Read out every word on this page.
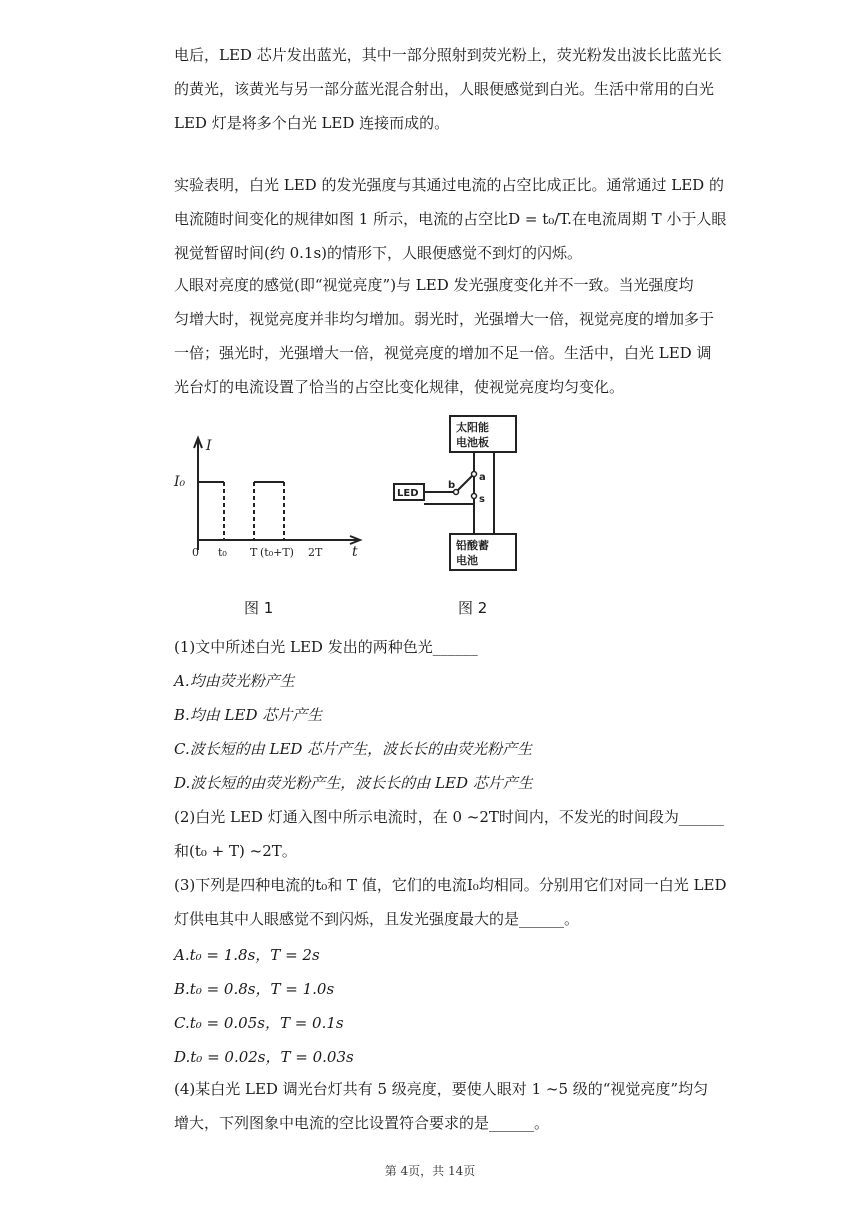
电后，LED 芯片发出蓝光，其中一部分照射到荧光粉上，荧光粉发出波长比蓝光长

的黄光，该黄光与另一部分蓝光混合射出，人眼便感觉到白光。生活中常用的白光

LED 灯是将多个白光 LED 连接而成的。

实验表明，白光 LED 的发光强度与其通过电流的占空比成正比。通常通过 LED 的

电流随时间变化的规律如图 1 所示，电流的占空比D = t₀/T.在电流周期 T 小于人眼

视觉暂留时间(约 0.1s)的情形下，人眼便感觉不到灯的闪烁。

人眼对亮度的感觉(即“视觉亮度”)与 LED 发光强度变化并不一致。当光强度均

匀增大时，视觉亮度并非均匀增加。弱光时，光强增大一倍，视觉亮度的增加多于

一倍；强光时，光强增大一倍，视觉亮度的增加不足一倍。生活中，白光 LED 调

光台灯的电流设置了恰当的占空比变化规律，使视觉亮度均匀变化。

I
t
I₀
0 t₀ T (t₀+T) 2T
图 1
太阳能
电池板
铅酸蓄
电池
LED
a
b
s
图 2

(1)文中所述白光 LED 发出的两种色光______

A.均由荧光粉产生

B.均由 LED 芯片产生

C.波长短的由 LED 芯片产生，波长长的由荧光粉产生

D.波长短的由荧光粉产生，波长长的由 LED 芯片产生

(2)白光 LED 灯通入图中所示电流时，在 0 ~2T时间内，不发光的时间段为______

和(t₀ + T) ~2T。

(3)下列是四种电流的t₀和 T 值，它们的电流I₀均相同。分别用它们对同一白光 LED

灯供电其中人眼感觉不到闪烁，且发光强度最大的是______。

A.t₀ = 1.8s，T = 2s

B.t₀ = 0.8s，T = 1.0s

C.t₀ = 0.05s，T = 0.1s

D.t₀ = 0.02s，T = 0.03s

(4)某白光 LED 调光台灯共有 5 级亮度，要使人眼对 1 ~5 级的“视觉亮度”均匀

增大，下列图象中电流的空比设置符合要求的是______。

第 4页，共 14页
